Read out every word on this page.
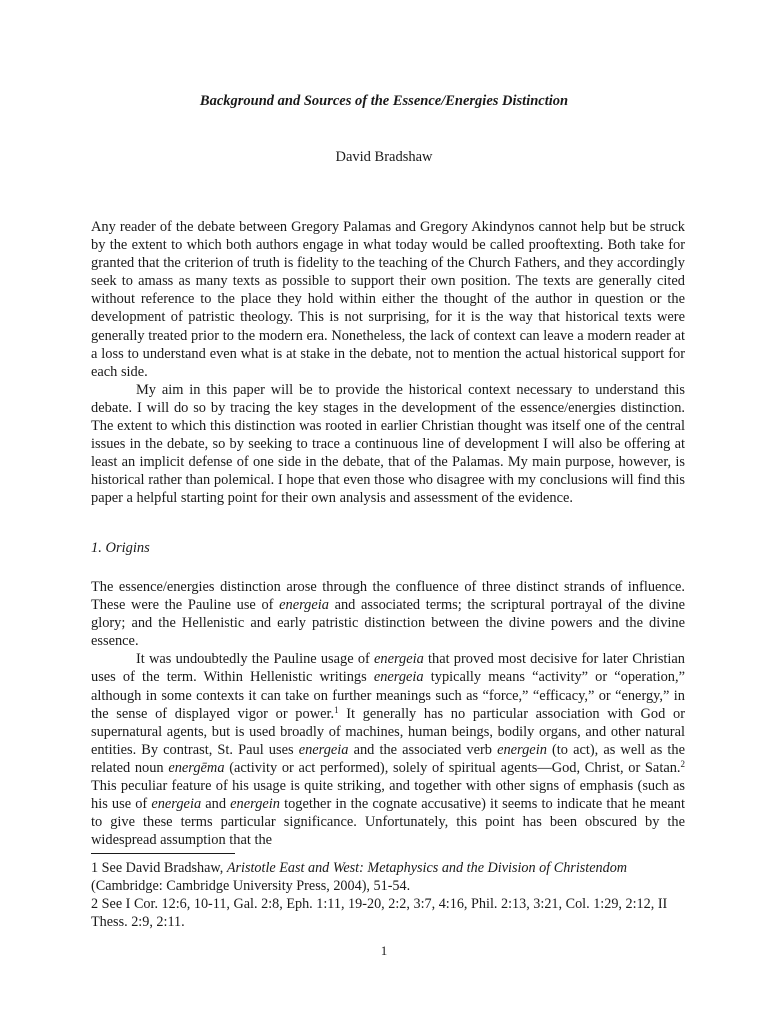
Background and Sources of the Essence/Energies Distinction

David Bradshaw

Any reader of the debate between Gregory Palamas and Gregory Akindynos cannot help but be struck by the extent to which both authors engage in what today would be called prooftexting. Both take for granted that the criterion of truth is fidelity to the teaching of the Church Fathers, and they accordingly seek to amass as many texts as possible to support their own position. The texts are generally cited without reference to the place they hold within either the thought of the author in question or the development of patristic theology. This is not surprising, for it is the way that historical texts were generally treated prior to the modern era. Nonetheless, the lack of context can leave a modern reader at a loss to understand even what is at stake in the debate, not to mention the actual historical support for each side.

My aim in this paper will be to provide the historical context necessary to understand this debate. I will do so by tracing the key stages in the development of the essence/energies distinction. The extent to which this distinction was rooted in earlier Christian thought was itself one of the central issues in the debate, so by seeking to trace a continuous line of development I will also be offering at least an implicit defense of one side in the debate, that of the Palamas. My main purpose, however, is historical rather than polemical. I hope that even those who disagree with my conclusions will find this paper a helpful starting point for their own analysis and assessment of the evidence.

1. Origins

The essence/energies distinction arose through the confluence of three distinct strands of influence. These were the Pauline use of energeia and associated terms; the scriptural portrayal of the divine glory; and the Hellenistic and early patristic distinction between the divine powers and the divine essence.

It was undoubtedly the Pauline usage of energeia that proved most decisive for later Christian uses of the term. Within Hellenistic writings energeia typically means “activity” or “operation,” although in some contexts it can take on further meanings such as “force,” “efficacy,” or “energy,” in the sense of displayed vigor or power.$^1$ It generally has no particular association with God or supernatural agents, but is used broadly of machines, human beings, bodily organs, and other natural entities. By contrast, St. Paul uses energeia and the associated verb energein (to act), as well as the related noun energēma (activity or act performed), solely of spiritual agents—God, Christ, or Satan.$^2$ This peculiar feature of his usage is quite striking, and together with other signs of emphasis (such as his use of energeia and energein together in the cognate accusative) it seems to indicate that he meant to give these terms particular significance. Unfortunately, this point has been obscured by the widespread assumption that the

1 See David Bradshaw, Aristotle East and West: Metaphysics and the Division of Christendom (Cambridge: Cambridge University Press, 2004), 51-54.

2 See I Cor. 12:6, 10-11, Gal. 2:8, Eph. 1:11, 19-20, 2:2, 3:7, 4:16, Phil. 2:13, 3:21, Col. 1:29, 2:12, II Thess. 2:9, 2:11.

1
